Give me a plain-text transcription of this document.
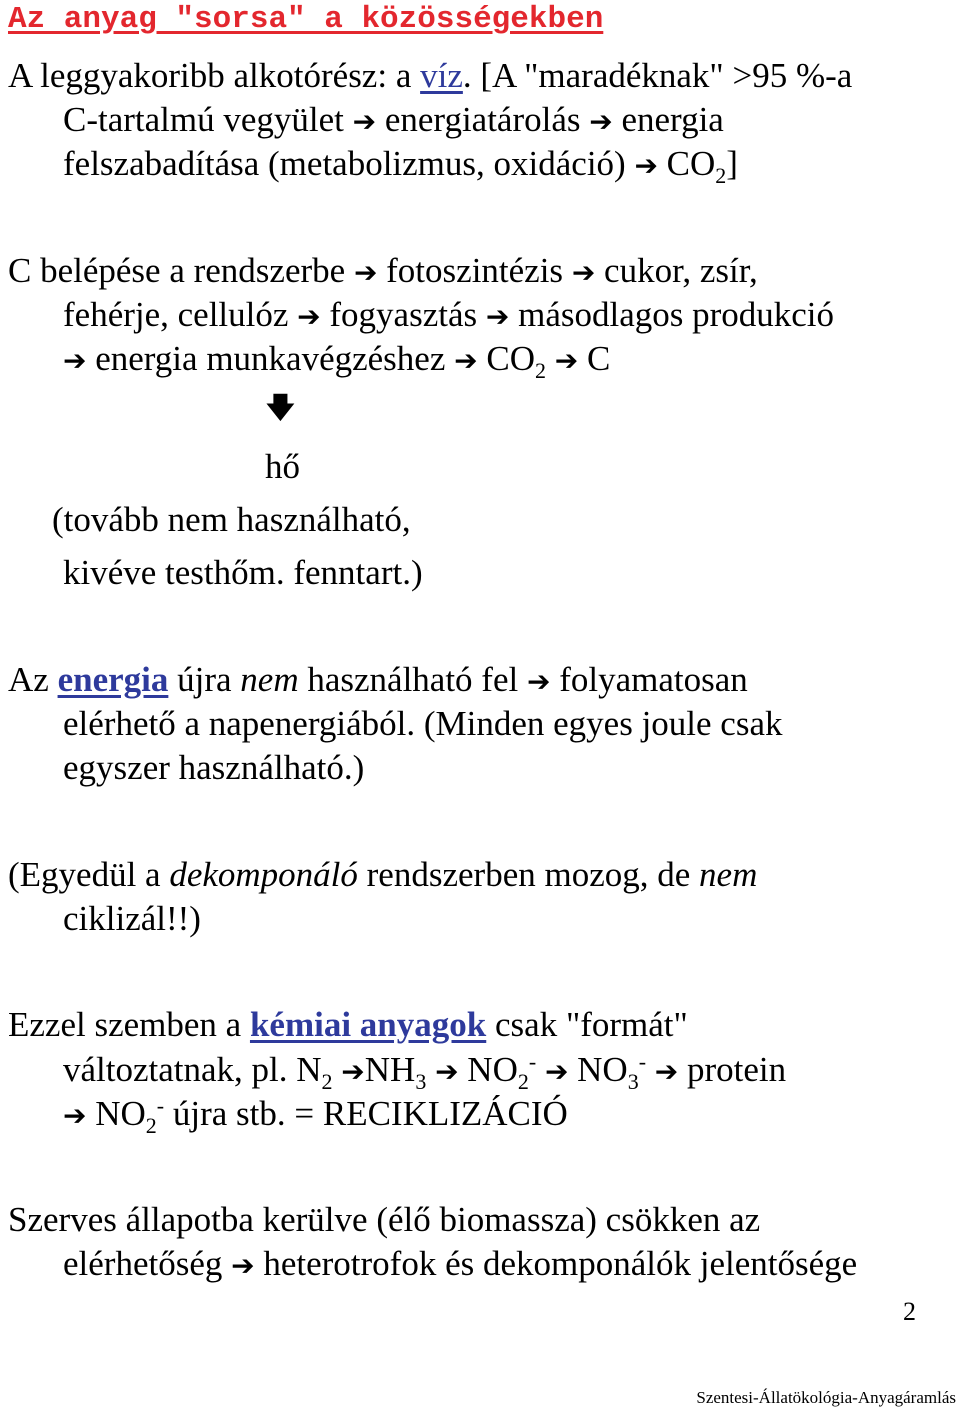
Az anyag "sorsa" a közösségekben
A leggyakoribb alkotórész: a víz. [A "maradéknak" >95 %-a
C-tartalmú vegyület ➔ energiatárolás ➔ energia
felszabadítása (metabolizmus, oxidáció) ➔ $CO_2$]
C belépése a rendszerbe ➔ fotoszintézis ➔ cukor, zsír,
fehérje, cellulóz ➔ fogyasztás ➔ másodlagos produkció
➔ energia munkavégzéshez ➔ $CO_2$ ➔ C
🡇
hő
(tovább nem használható,
kivéve testhőm. fenntart.)
Az energia újra nem használható fel ➔ folyamatosan
elérhető a napenergiából. (Minden egyes joule csak
egyszer használható.)
(Egyedül a dekomponáló rendszerben mozog, de nem
ciklizál!!)
Ezzel szemben a kémiai anyagok csak "formát"
változtatnak, pl. $N_2$ $➔NH_3$ ➔ $NO_2^-$ ➔ $NO_3^-$ ➔ protein
➔ $NO_2^-$ újra stb. = RECIKLIZÁCIÓ
Szerves állapotba kerülve (élő biomassza) csökken az
elérhetőség ➔ heterotrofok és dekomponálók jelentősége
2
Szentesi-Állatökológia-Anyagáramlás
